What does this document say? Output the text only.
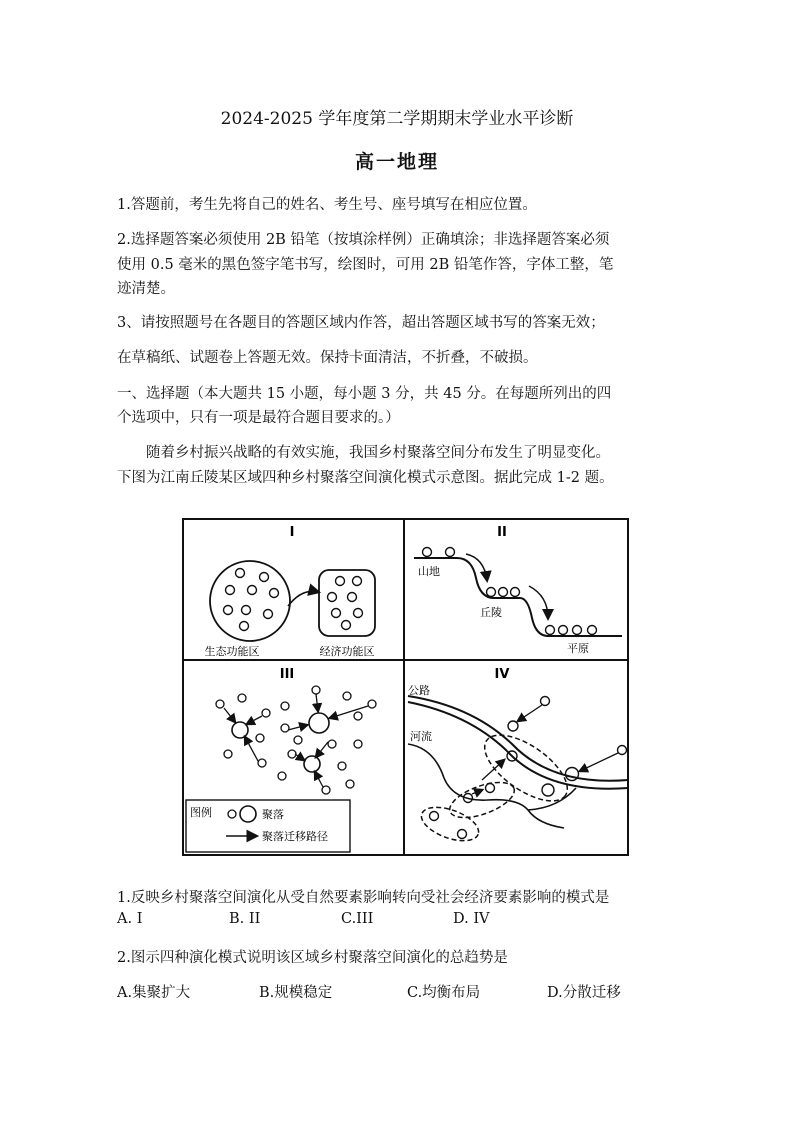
2024-2025 学年度第二学期期末学业水平诊断
高一地理
1.答题前，考生先将自己的姓名、考生号、座号填写在相应位置。
2.选择题答案必须使用 2B 铅笔（按填涂样例）正确填涂；非选择题答案必须
使用 0.5 毫米的黑色签字笔书写，绘图时，可用 2B 铅笔作答，字体工整，笔
迹清楚。
3、请按照题号在各题目的答题区域内作答，超出答题区域书写的答案无效；
在草稿纸、试题卷上答题无效。保持卡面清洁，不折叠，不破损。
一、选择题（本大题共 15 小题，每小题 3 分，共 45 分。在每题所列出的四
个选项中，只有一项是最符合题目要求的。）
随着乡村振兴战略的有效实施，我国乡村聚落空间分布发生了明显变化。
下图为江南丘陵某区域四种乡村聚落空间演化模式示意图。据此完成 1-2 题。
I
生态功能区	经济功能区
II
山地
丘陵
平原
III
图例	聚落
聚落迁移路径
IV
公路
河流
1.反映乡村聚落空间演化从受自然要素影响转向受社会经济要素影响的模式是
A. I	B. II	C.III	D. IV
2.图示四种演化模式说明该区域乡村聚落空间演化的总趋势是
A.集聚扩大	B.规模稳定	C.均衡布局	D.分散迁移
